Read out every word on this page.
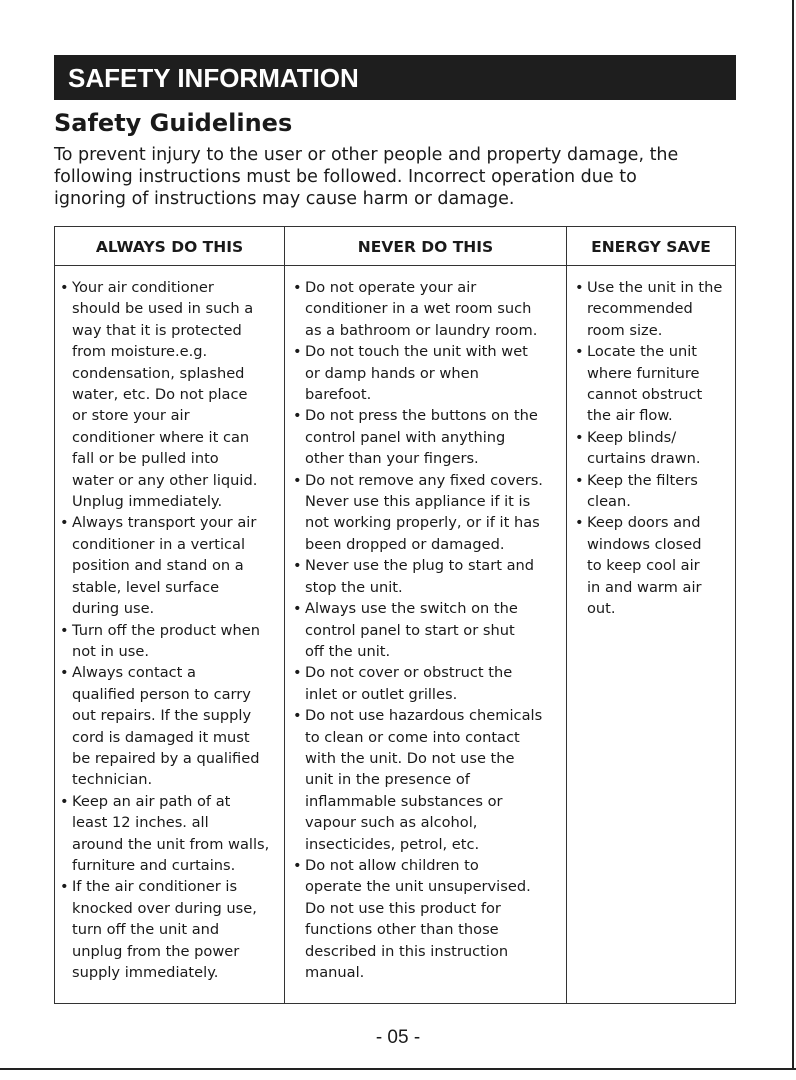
SAFETY INFORMATION
Safety Guidelines
To prevent injury to the user or other people and property damage, the
following instructions must be followed. Incorrect operation due to
ignoring of instructions may cause harm or damage.
ALWAYS DO THIS	NEVER DO THIS	ENERGY SAVE
• Your air conditioner
should be used in such a
way that it is protected
from moisture.e.g.
condensation, splashed
water, etc. Do not place
or store your air
conditioner where it can
fall or be pulled into
water or any other liquid.
Unplug immediately.
• Always transport your air
conditioner in a vertical
position and stand on a
stable, level surface
during use.
• Turn off the product when
not in use.
• Always contact a
qualified person to carry
out repairs. If the supply
cord is damaged it must
be repaired by a qualified
technician.
• Keep an air path of at
least 12 inches. all
around the unit from walls,
furniture and curtains.
• If the air conditioner is
knocked over during use,
turn off the unit and
unplug from the power
supply immediately.
• Do not operate your air
conditioner in a wet room such
as a bathroom or laundry room.
• Do not touch the unit with wet
or damp hands or when
barefoot.
• Do not press the buttons on the
control panel with anything
other than your fingers.
• Do not remove any fixed covers.
Never use this appliance if it is
not working properly, or if it has
been dropped or damaged.
• Never use the plug to start and
stop the unit.
• Always use the switch on the
control panel to start or shut
off the unit.
• Do not cover or obstruct the
inlet or outlet grilles.
• Do not use hazardous chemicals
to clean or come into contact
with the unit. Do not use the
unit in the presence of
inflammable substances or
vapour such as alcohol,
insecticides, petrol, etc.
• Do not allow children to
operate the unit unsupervised.
Do not use this product for
functions other than those
described in this instruction
manual.
• Use the unit in the
recommended
room size.
• Locate the unit
where furniture
cannot obstruct
the air flow.
• Keep blinds/
curtains drawn.
• Keep the filters
clean.
• Keep doors and
windows closed
to keep cool air
in and warm air
out.
- 05 -
